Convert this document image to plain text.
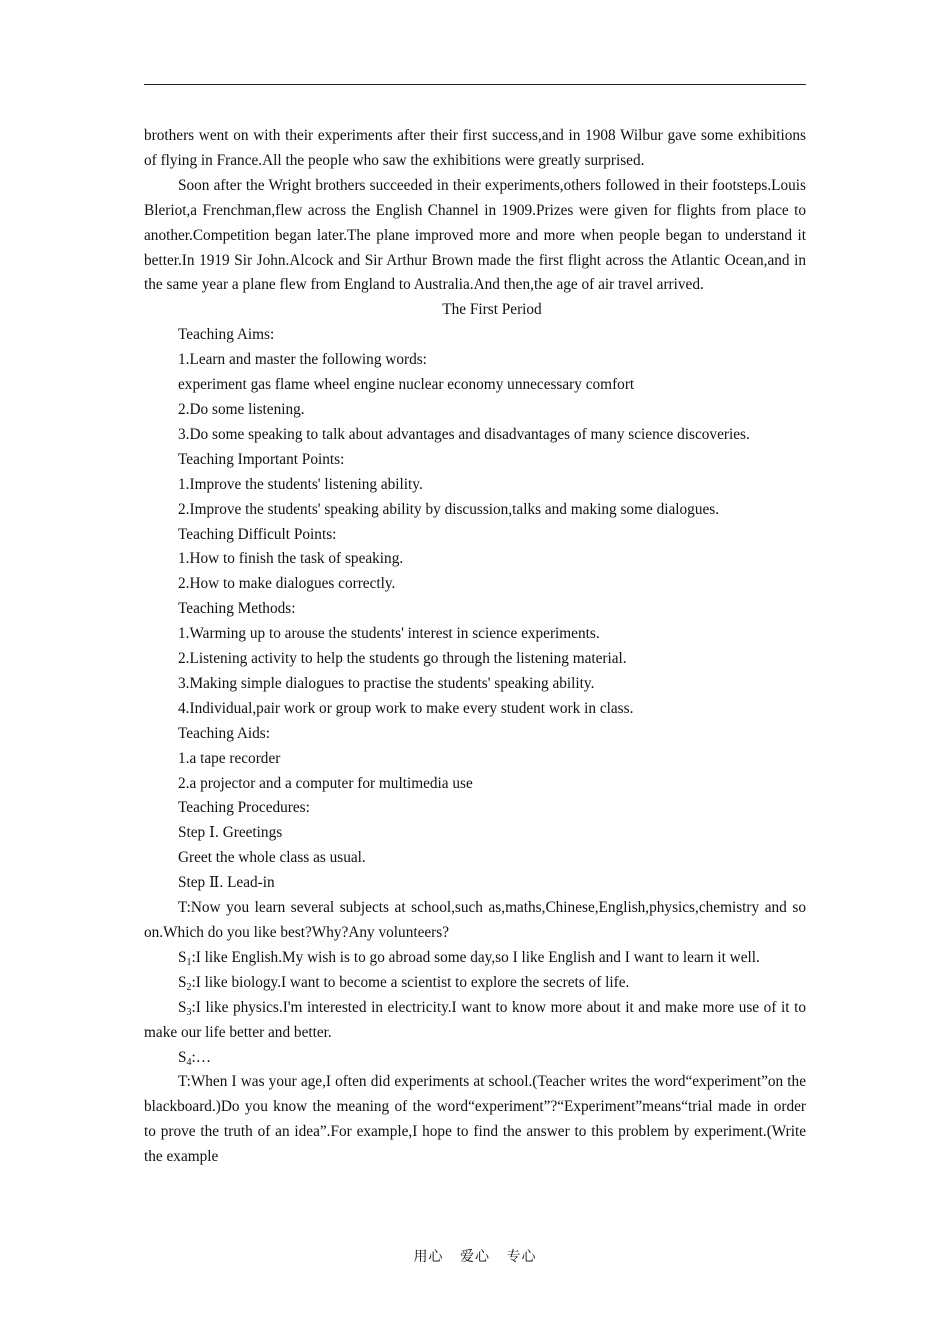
brothers went on with their experiments after their first success,and in 1908 Wilbur gave some exhibitions of flying in France.All the people who saw the exhibitions were greatly surprised.

Soon after the Wright brothers succeeded in their experiments,others followed in their footsteps.Louis Bleriot,a Frenchman,flew across the English Channel in 1909.Prizes were given for flights from place to another.Competition began later.The plane improved more and more when people began to understand it better.In 1919 Sir John.Alcock and Sir Arthur Brown made the first flight across the Atlantic Ocean,and in the same year a plane flew from England to Australia.And then,the age of air travel arrived.

The First Period

Teaching Aims:

1.Learn and master the following words:

experiment gas flame wheel engine nuclear economy unnecessary comfort

2.Do some listening.

3.Do some speaking to talk about advantages and disadvantages of many science discoveries.

Teaching Important Points:

1.Improve the students' listening ability.

2.Improve the students' speaking ability by discussion,talks and making some dialogues.

Teaching Difficult Points:

1.How to finish the task of speaking.

2.How to make dialogues correctly.

Teaching Methods:

1.Warming up to arouse the students' interest in science experiments.

2.Listening activity to help the students go through the listening material.

3.Making simple dialogues to practise the students' speaking ability.

4.Individual,pair work or group work to make every student work in class.

Teaching Aids:

1.a tape recorder

2.a projector and a computer for multimedia use

Teaching Procedures:

Step Ⅰ. Greetings

Greet the whole class as usual.

Step Ⅱ. Lead-in

T:Now you learn several subjects at school,such as,maths,Chinese,English,physics,chemistry and so on.Which do you like best?Why?Any volunteers?

$S_1:I$ like English.My wish is to go abroad some day,so I like English and I want to learn it well.

$S_2:I$ like biology.I want to become a scientist to explore the secrets of life.

$S_3:I$ like physics.I'm interested in electricity.I want to know more about it and make more use of it to make our life better and better.

$S_4:\dots$

T:When I was your age,I often did experiments at school.(Teacher writes the word“experiment”on the blackboard.)Do you know the meaning of the word“experiment”?“Experiment”means“trial made in order to prove the truth of an idea”.For example,I hope to find the answer to this problem by experiment.(Write the example

用心 爱心 专心
